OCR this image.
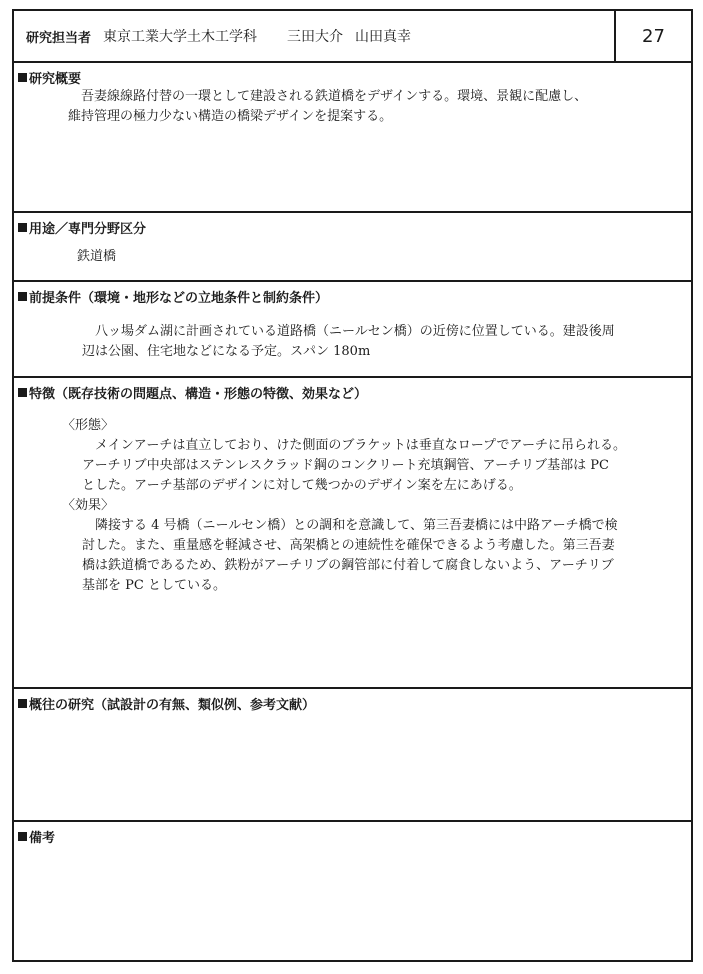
研究担当者 東京工業大学土木工学科 三田大介 山田真幸	27
研究概要

吾妻線線路付替の一環として建設される鉄道橋をデザインする。環境、景観に配慮し、

維持管理の極力少ない構造の橋梁デザインを提案する。

用途／専門分野区分
鉄道橋
前提条件（環境・地形などの立地条件と制約条件）

八ッ場ダム湖に計画されている道路橋（ニールセン橋）の近傍に位置している。建設後周

辺は公園、住宅地などになる予定。スパン 180m

特徴（既存技術の問題点、構造・形態の特徴、効果など）
〈形態〉

メインアーチは直立しており、けた側面のブラケットは垂直なロープでアーチに吊られる。

アーチリブ中央部はステンレスクラッド鋼のコンクリート充填鋼管、アーチリブ基部は PC

とした。アーチ基部のデザインに対して幾つかのデザイン案を左にあげる。

〈効果〉

隣接する 4 号橋（ニールセン橋）との調和を意識して、第三吾妻橋には中路アーチ橋で検

討した。また、重量感を軽減させ、高架橋との連続性を確保できるよう考慮した。第三吾妻

橋は鉄道橋であるため、鉄粉がアーチリブの鋼管部に付着して腐食しないよう、アーチリブ

基部を PC としている。

概往の研究（試設計の有無、類似例、参考文献）
備考
